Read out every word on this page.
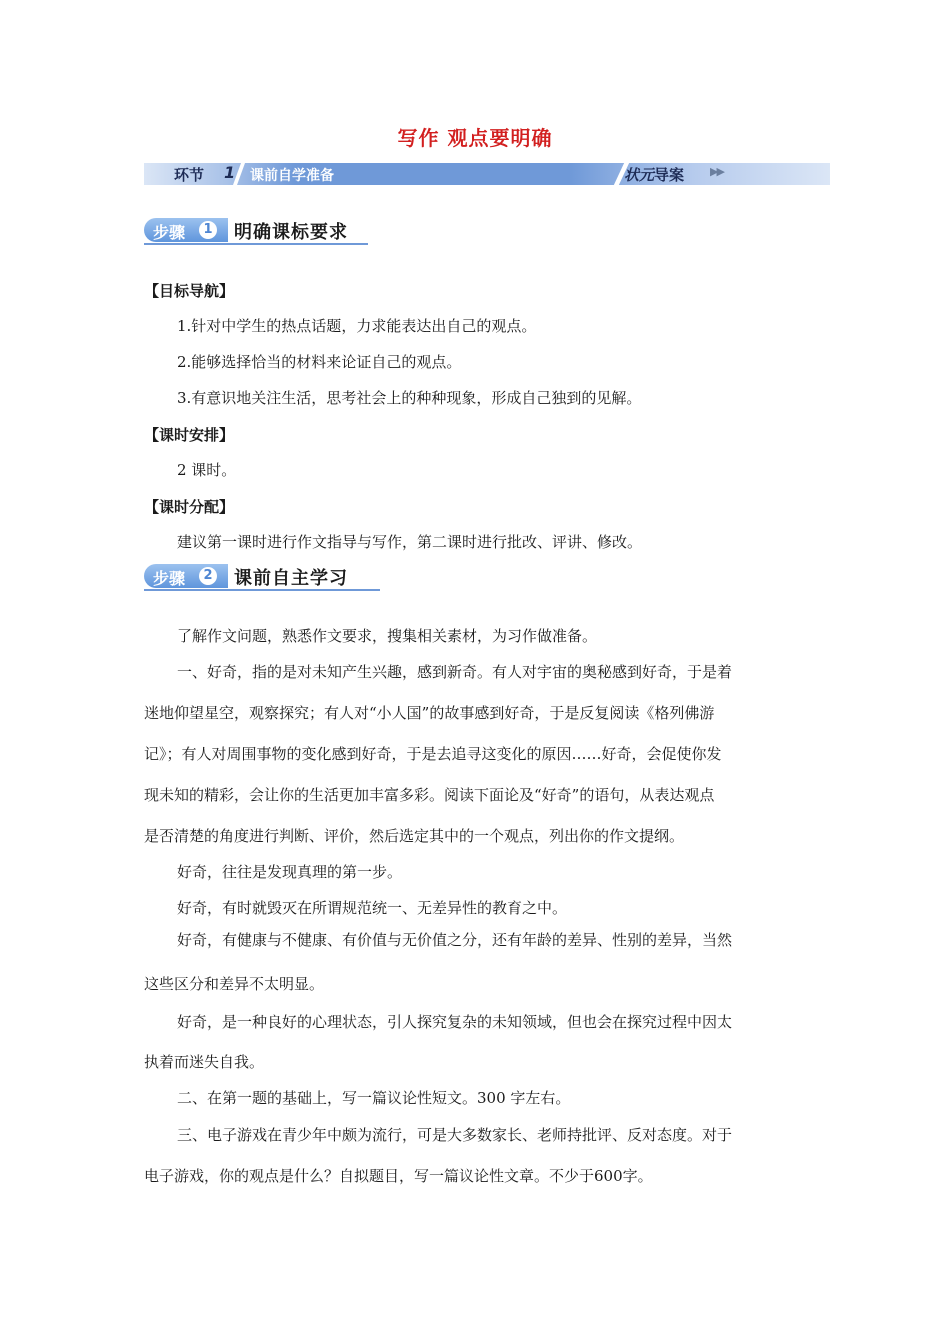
写作 观点要明确
环节 1 课前自学准备	状元导案 ▶▶
步骤	1 明确课标要求
【目标导航】
1.针对中学生的热点话题，力求能表达出自己的观点。
2.能够选择恰当的材料来论证自己的观点。
3.有意识地关注生活，思考社会上的种种现象，形成自己独到的见解。
【课时安排】
2 课时。
【课时分配】
建议第一课时进行作文指导与写作，第二课时进行批改、评讲、修改。
步骤	2 课前自主学习
了解作文问题，熟悉作文要求，搜集相关素材，为习作做准备。
一、好奇，指的是对未知产生兴趣，感到新奇。有人对宇宙的奥秘感到好奇，于是着
迷地仰望星空，观察探究；有人对“小人国”的故事感到好奇，于是反复阅读《格列佛游
记》；有人对周围事物的变化感到好奇，于是去追寻这变化的原因……好奇，会促使你发
现未知的精彩，会让你的生活更加丰富多彩。阅读下面论及“好奇”的语句，从表达观点
是否清楚的角度进行判断、评价，然后选定其中的一个观点，列出你的作文提纲。
好奇，往往是发现真理的第一步。
好奇，有时就毁灭在所谓规范统一、无差异性的教育之中。
好奇，有健康与不健康、有价值与无价值之分，还有年龄的差异、性别的差异，当然
这些区分和差异不太明显。
好奇，是一种良好的心理状态，引人探究复杂的未知领域，但也会在探究过程中因太
执着而迷失自我。
二、在第一题的基础上，写一篇议论性短文。300 字左右。
三、电子游戏在青少年中颇为流行，可是大多数家长、老师持批评、反对态度。对于
电子游戏，你的观点是什么？自拟题目，写一篇议论性文章。不少于600字。
